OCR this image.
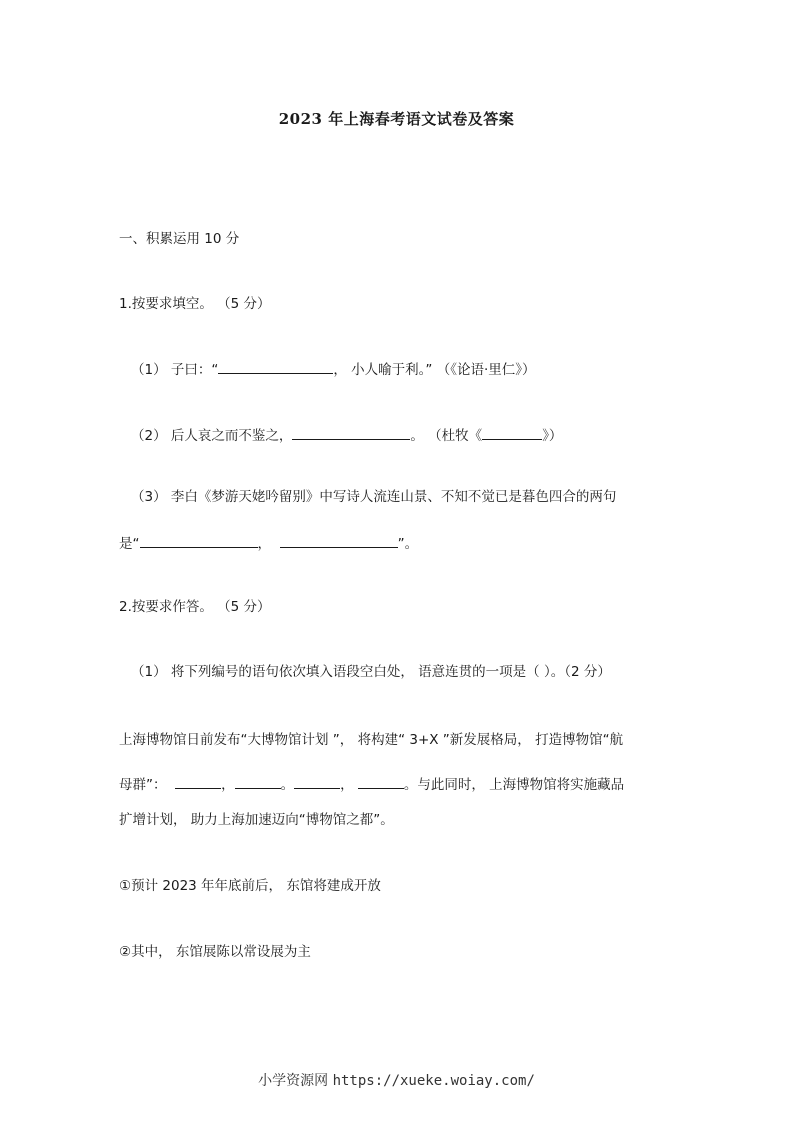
2023 年上海春考语文试卷及答案
一、积累运用 10 分
1.按要求填空。 （5 分）
（1） 子曰：“	， 小人喻于利。” （《论语·里仁》）
（2） 后人哀之而不鉴之，	。 （杜牧《	》）
（3） 李白《梦游天姥吟留别》中写诗人流连山景、不知不觉已是暮色四合的两句
是“	，	”。
2.按要求作答。 （5 分）
（1） 将下列编号的语句依次填入语段空白处， 语意连贯的一项是（ ）。（2 分）
上海博物馆日前发布“大博物馆计划 ”， 将构建“ 3+X ”新发展格局， 打造博物馆“航
母群”：	，	。	，	。与此同时， 上海博物馆将实施藏品
扩增计划， 助力上海加速迈向“博物馆之都”。
①预计 2023 年年底前后， 东馆将建成开放
②其中， 东馆展陈以常设展为主
小学资源网 https://xueke.woiay.com/
